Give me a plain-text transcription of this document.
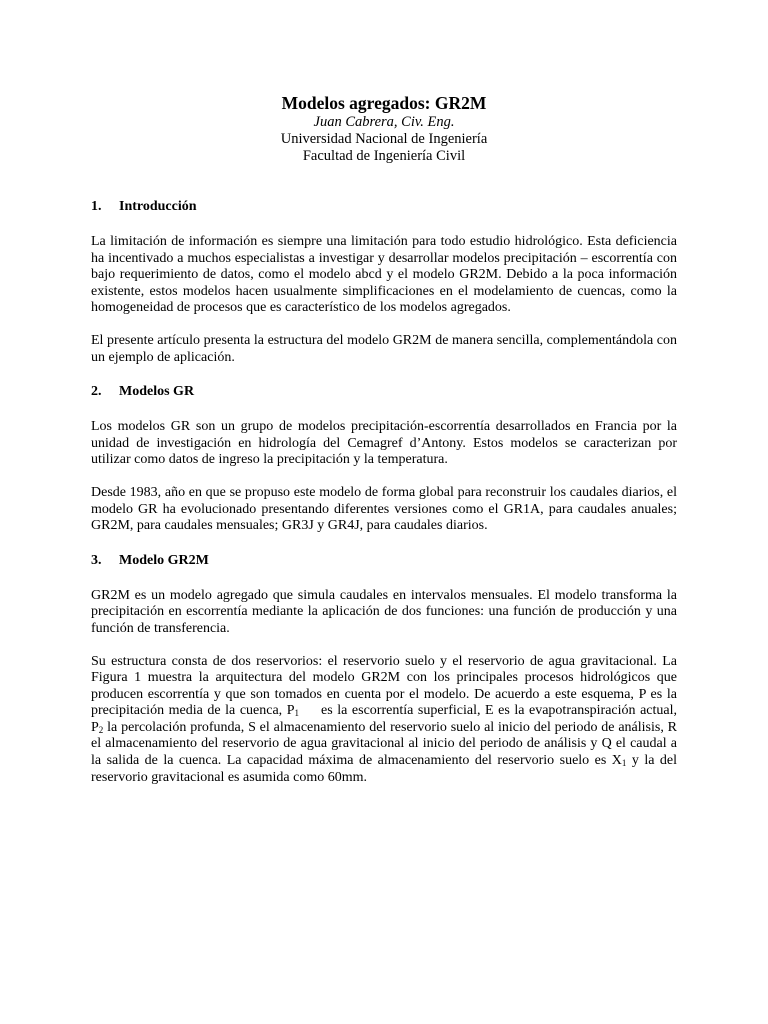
Modelos agregados: GR2M
Juan Cabrera, Civ. Eng.
Universidad Nacional de Ingeniería
Facultad de Ingeniería Civil
1.	Introducción

La limitación de información es siempre una limitación para todo estudio hidrológico. Esta deficiencia ha incentivado a muchos especialistas a investigar y desarrollar modelos precipitación – escorrentía con bajo requerimiento de datos, como el modelo abcd y el modelo GR2M. Debido a la poca información existente, estos modelos hacen usualmente simplificaciones en el modelamiento de cuencas, como la homogeneidad de procesos que es característico de los modelos agregados.

El presente artículo presenta la estructura del modelo GR2M de manera sencilla, complementándola con un ejemplo de aplicación.

2.	Modelos GR

Los modelos GR son un grupo de modelos precipitación-escorrentía desarrollados en Francia por la unidad de investigación en hidrología del Cemagref d’Antony. Estos modelos se caracterizan por utilizar como datos de ingreso la precipitación y la temperatura.

Desde 1983, año en que se propuso este modelo de forma global para reconstruir los caudales diarios, el modelo GR ha evolucionado presentando diferentes versiones como el GR1A, para caudales anuales; GR2M, para caudales mensuales; GR3J y GR4J, para caudales diarios.

3.	Modelo GR2M

GR2M es un modelo agregado que simula caudales en intervalos mensuales. El modelo transforma la precipitación en escorrentía mediante la aplicación de dos funciones: una función de producción y una función de transferencia.

Su estructura consta de dos reservorios: el reservorio suelo y el reservorio de agua gravitacional. La Figura 1 muestra la arquitectura del modelo GR2M con los principales procesos hidrológicos que producen escorrentía y que son tomados en cuenta por el modelo. De acuerdo a este esquema, P es la precipitación media de la cuenca, $P_1$ es la escorrentía superficial, E es la evapotranspiración actual, $P_2$ la percolación profunda, S el almacenamiento del reservorio suelo al inicio del periodo de análisis, R el almacenamiento del reservorio de agua gravitacional al inicio del periodo de análisis y Q el caudal a la salida de la cuenca. La capacidad máxima de almacenamiento del reservorio suelo es $X_1$ y la del reservorio gravitacional es asumida como 60mm.
